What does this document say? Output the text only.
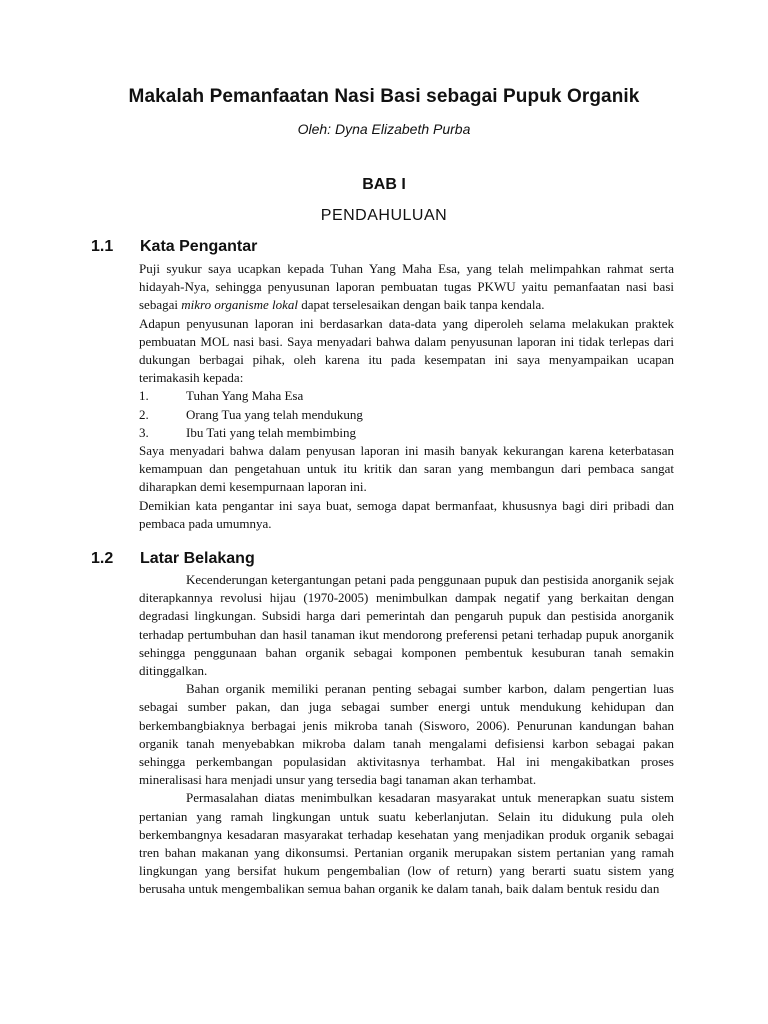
Makalah Pemanfaatan Nasi Basi sebagai Pupuk Organik
Oleh: Dyna Elizabeth Purba
BAB I
PENDAHULUAN
1.1 Kata Pengantar

Puji syukur saya ucapkan kepada Tuhan Yang Maha Esa, yang telah melimpahkan rahmat serta hidayah-Nya, sehingga penyusunan laporan pembuatan tugas PKWU yaitu pemanfaatan nasi basi sebagai mikro organisme lokal dapat terselesaikan dengan baik tanpa kendala.

Adapun penyusunan laporan ini berdasarkan data-data yang diperoleh selama melakukan praktek pembuatan MOL nasi basi. Saya menyadari bahwa dalam penyusunan laporan ini tidak terlepas dari dukungan berbagai pihak, oleh karena itu pada kesempatan ini saya menyampaikan ucapan terimakasih kepada:

1.	Tuhan Yang Maha Esa
2.	Orang Tua yang telah mendukung
3.	Ibu Tati yang telah membimbing

Saya menyadari bahwa dalam penyusan laporan ini masih banyak kekurangan karena keterbatasan kemampuan dan pengetahuan untuk itu kritik dan saran yang membangun dari pembaca sangat diharapkan demi kesempurnaan laporan ini.

Demikian kata pengantar ini saya buat, semoga dapat bermanfaat, khususnya bagi diri pribadi dan pembaca pada umumnya.

1.2 Latar Belakang

Kecenderungan ketergantungan petani pada penggunaan pupuk dan pestisida anorganik sejak diterapkannya revolusi hijau (1970-2005) menimbulkan dampak negatif yang berkaitan dengan degradasi lingkungan. Subsidi harga dari pemerintah dan pengaruh pupuk dan pestisida anorganik terhadap pertumbuhan dan hasil tanaman ikut mendorong preferensi petani terhadap pupuk anorganik sehingga penggunaan bahan organik sebagai komponen pembentuk kesuburan tanah semakin ditinggalkan.

Bahan organik memiliki peranan penting sebagai sumber karbon, dalam pengertian luas sebagai sumber pakan, dan juga sebagai sumber energi untuk mendukung kehidupan dan berkembangbiaknya berbagai jenis mikroba tanah (Sisworo, 2006). Penurunan kandungan bahan organik tanah menyebabkan mikroba dalam tanah mengalami defisiensi karbon sebagai pakan sehingga perkembangan populasidan aktivitasnya terhambat. Hal ini mengakibatkan proses mineralisasi hara menjadi unsur yang tersedia bagi tanaman akan terhambat.

Permasalahan diatas menimbulkan kesadaran masyarakat untuk menerapkan suatu sistem pertanian yang ramah lingkungan untuk suatu keberlanjutan. Selain itu didukung pula oleh berkembangnya kesadaran masyarakat terhadap kesehatan yang menjadikan produk organik sebagai tren bahan makanan yang dikonsumsi. Pertanian organik merupakan sistem pertanian yang ramah lingkungan yang bersifat hukum pengembalian (low of return) yang berarti suatu sistem yang berusaha untuk mengembalikan semua bahan organik ke dalam tanah, baik dalam bentuk residu dan
